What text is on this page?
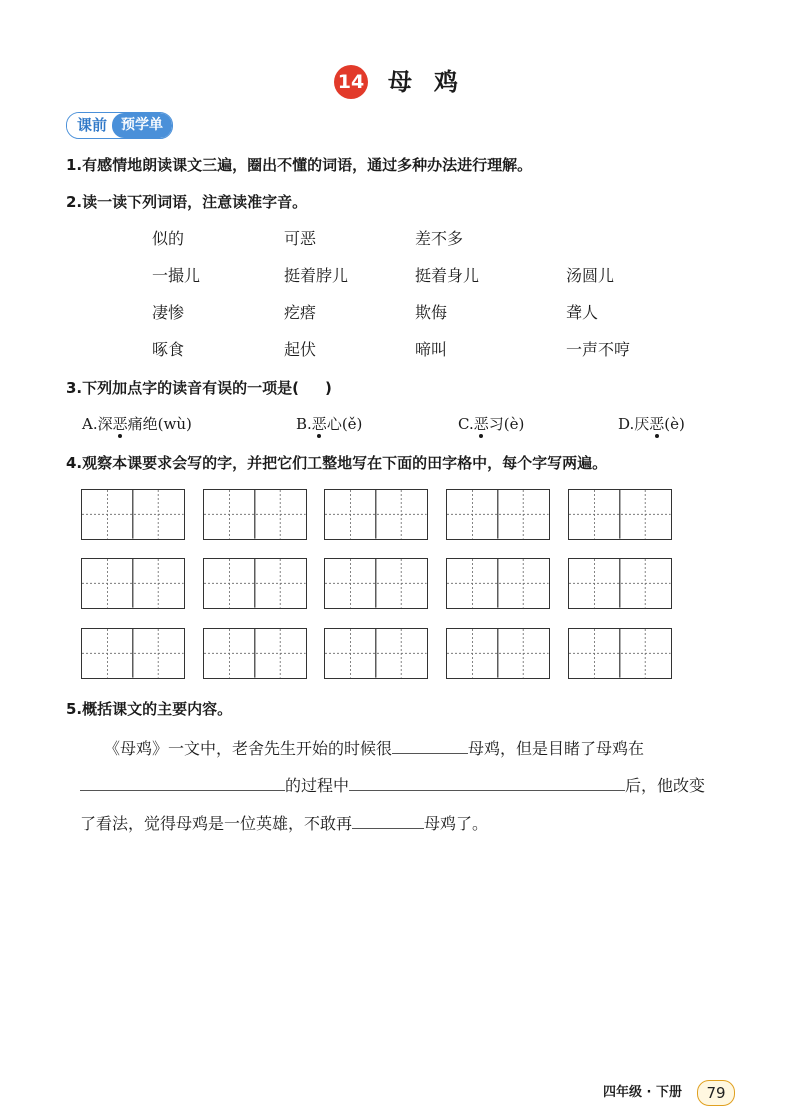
14 母鸡
课前	预学单
1.有感情地朗读课文三遍，圈出不懂的词语，通过多种办法进行理解。
2.读一读下列词语，注意读准字音。
似的	可恶	差不多
一撮儿	挺着脖儿	挺着身儿	汤圆儿
凄惨	疙瘩	欺侮	聋人
啄食	起伏	啼叫	一声不哼
3.下列加点字的读音有误的一项是( )
A.深恶痛绝(wù)	B.恶心(ě)	C.恶习(è)	D.厌恶(è)
4.观察本课要求会写的字，并把它们工整地写在下面的田字格中，每个字写两遍。
5.概括课文的主要内容。
《母鸡》一文中，老舍先生开始的时候很	母鸡，但是目睹了母鸡在
的过程中	后，他改变
了看法，觉得母鸡是一位英雄，不敢再	母鸡了。
四年级 · 下册	79
